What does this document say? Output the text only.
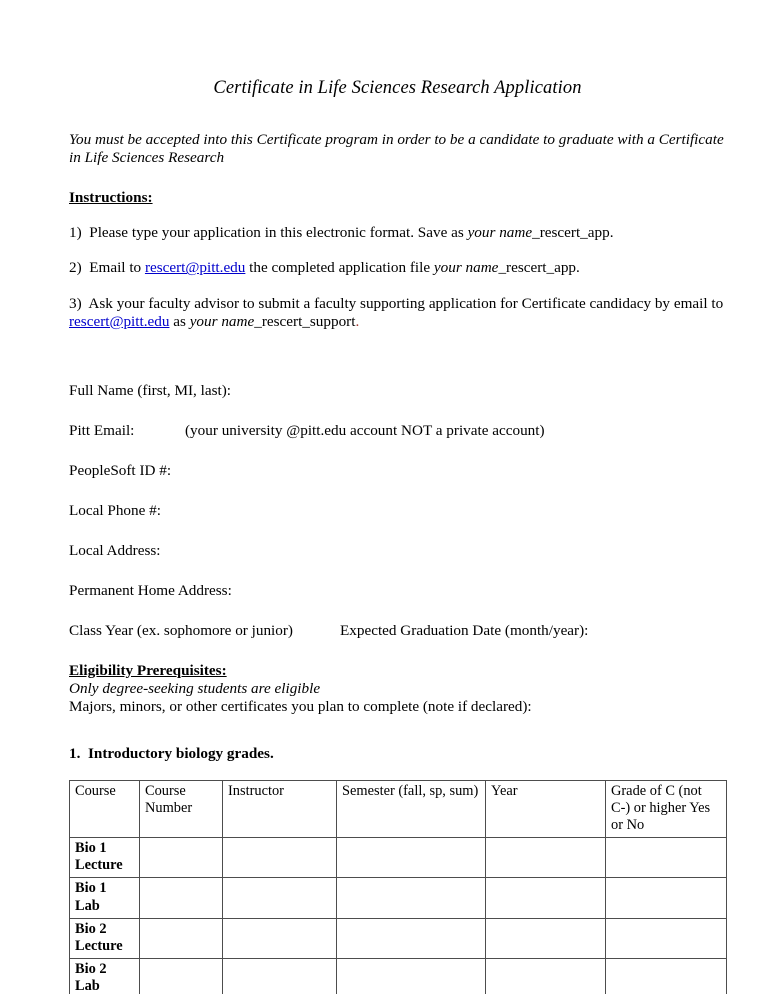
Certificate in Life Sciences Research Application

You must be accepted into this Certificate program in order to be a candidate to graduate with a Certificate in Life Sciences Research

Instructions:

1) Please type your application in this electronic format. Save as your name_rescert_app.

2) Email to rescert@pitt.edu the completed application file your name_rescert_app.

3) Ask your faculty advisor to submit a faculty supporting application for Certificate candidacy by email to rescert@pitt.edu as your name_rescert_support.

Full Name (first, MI, last):

Pitt Email:	(your university @pitt.edu account NOT a private account)

PeopleSoft ID #:

Local Phone #:

Local Address:

Permanent Home Address:

Class Year (ex. sophomore or junior)	Expected Graduation Date (month/year):

Eligibility Prerequisites:

Only degree-seeking students are eligible

Majors, minors, or other certificates you plan to complete (note if declared):

1. Introductory biology grades.

Course	Course Number	Instructor	Semester (fall, sp, sum)	Year	Grade of C (not C-) or higher Yes or No
Bio 1 Lecture					
Bio 1 Lab					
Bio 2 Lecture					
Bio 2 Lab					
